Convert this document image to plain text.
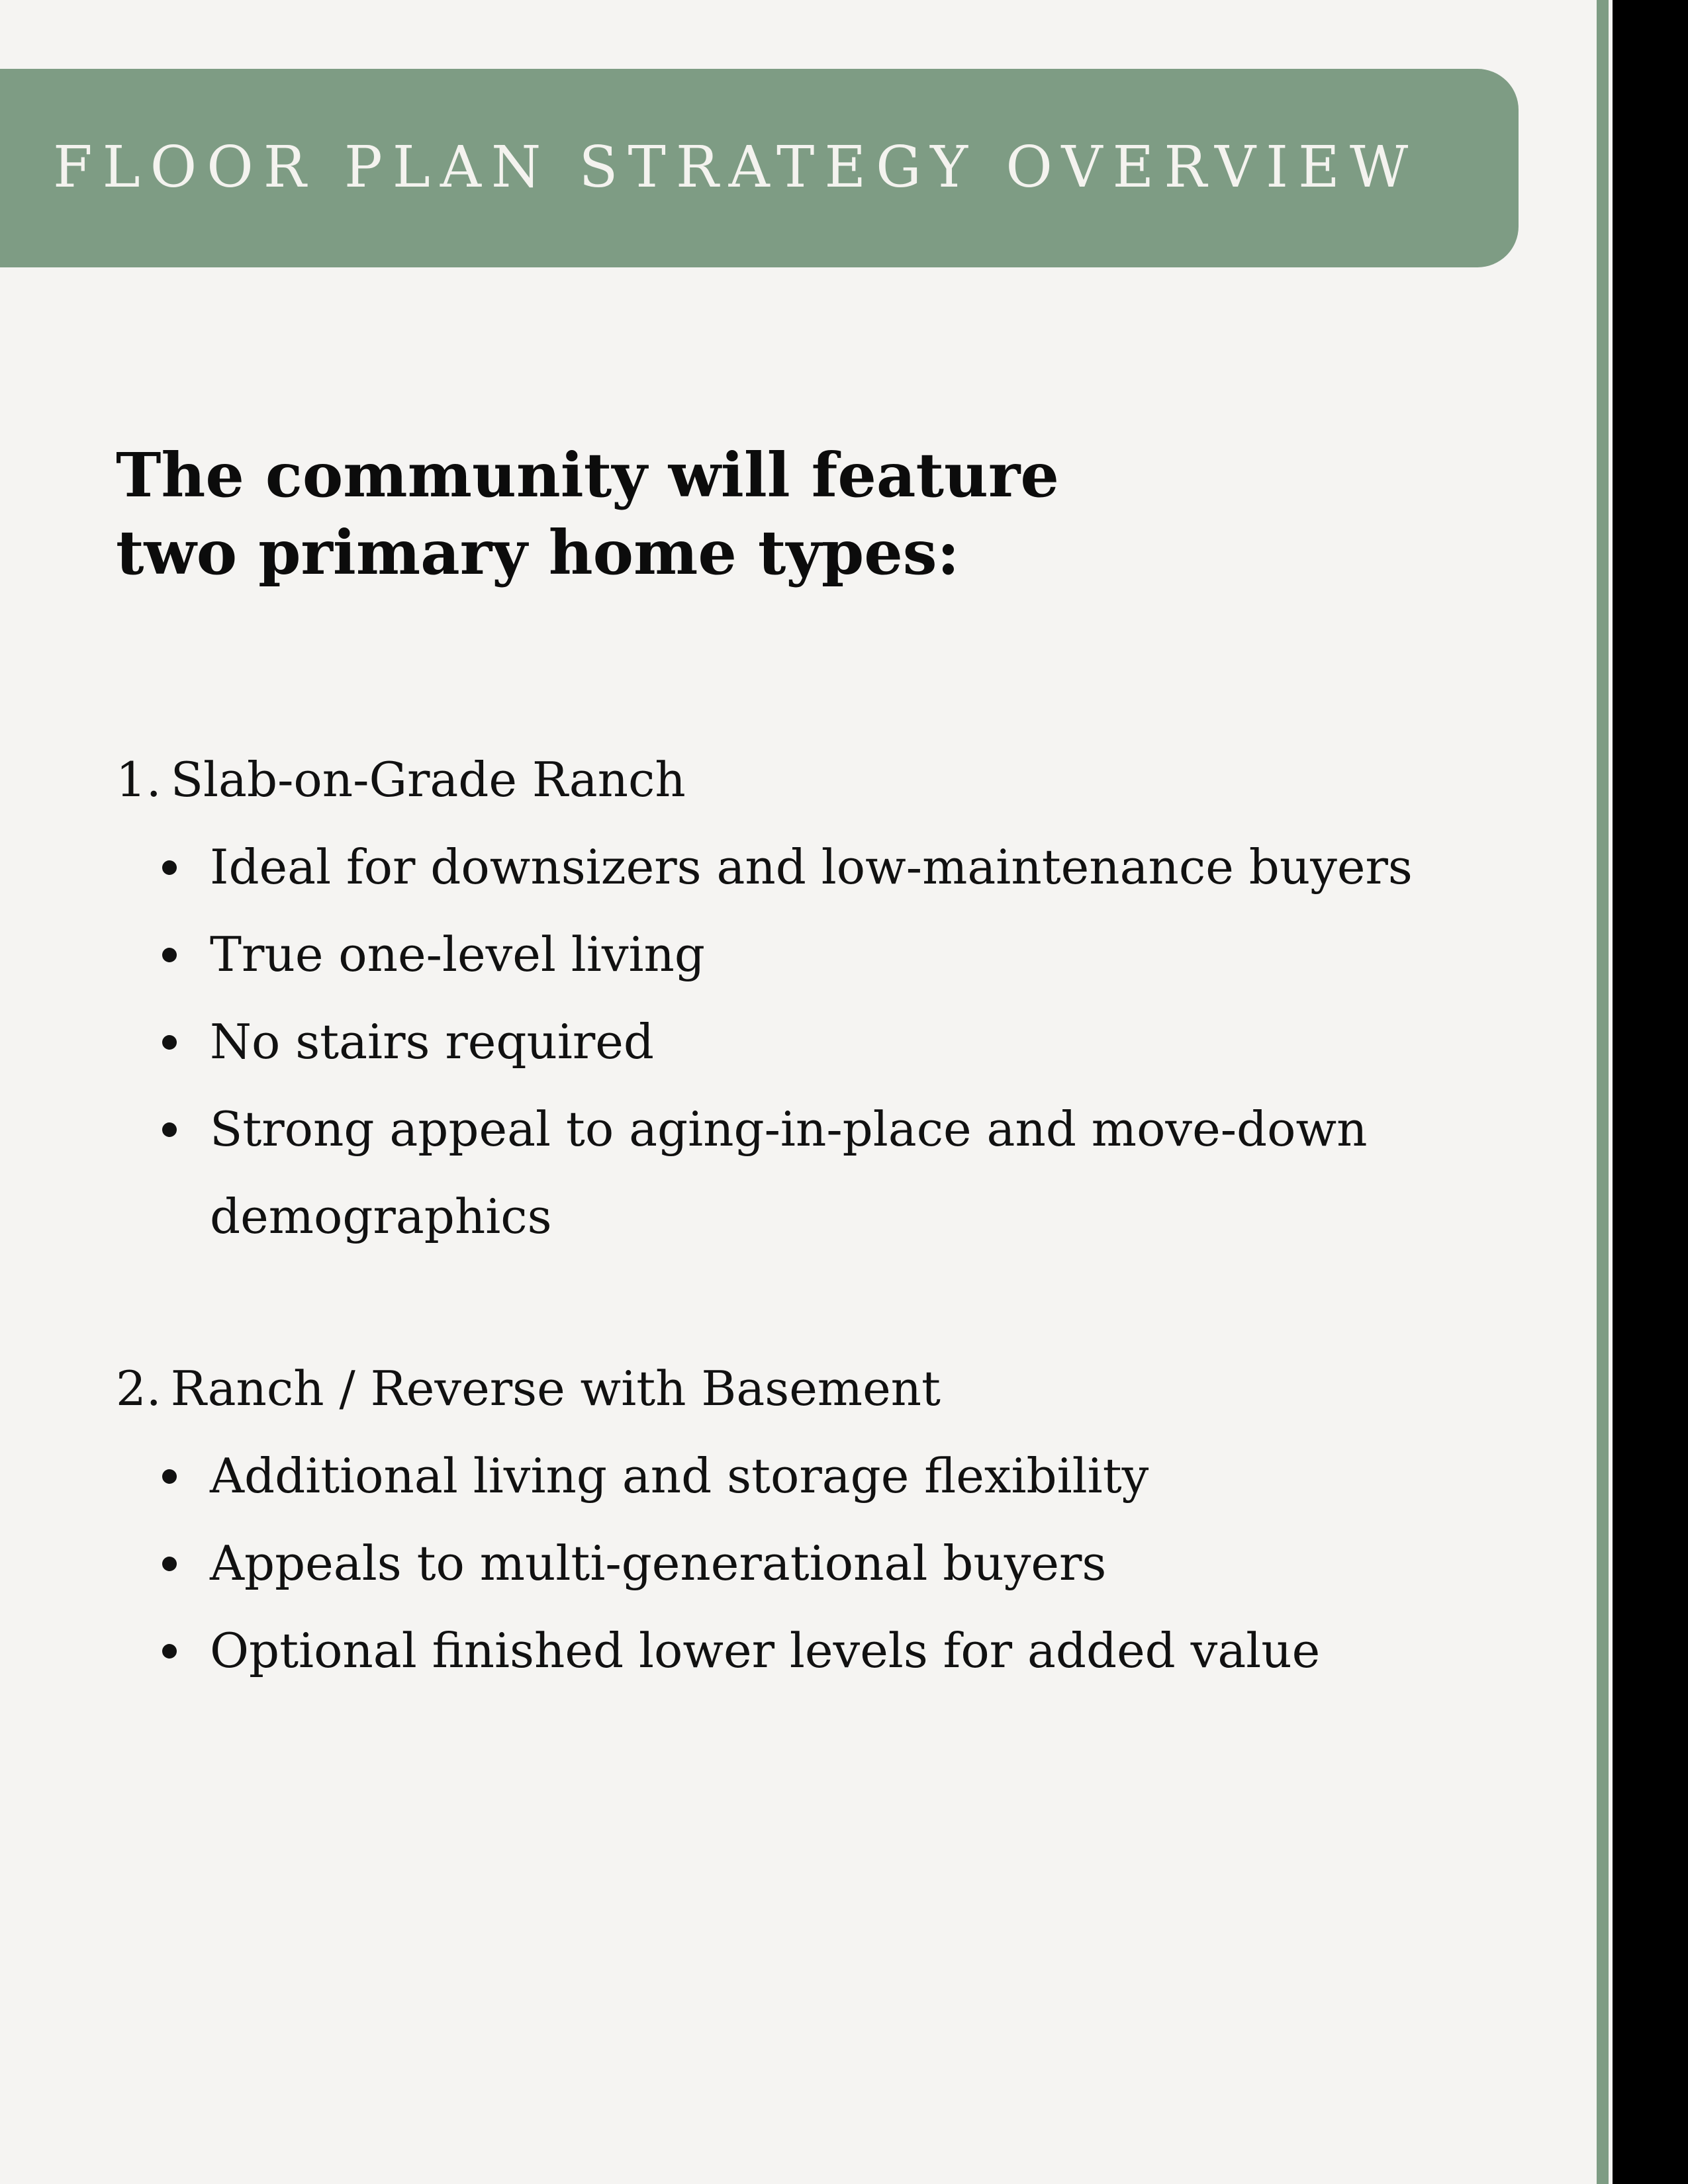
FLOOR PLAN STRATEGY OVERVIEW
The community will feature
two primary home types:
1. Slab-on-Grade Ranch
Ideal for downsizers and low-maintenance buyers
True one-level living
No stairs required
Strong appeal to aging-in-place and move-down demographics
2. Ranch / Reverse with Basement
Additional living and storage flexibility
Appeals to multi-generational buyers
Optional finished lower levels for added value
